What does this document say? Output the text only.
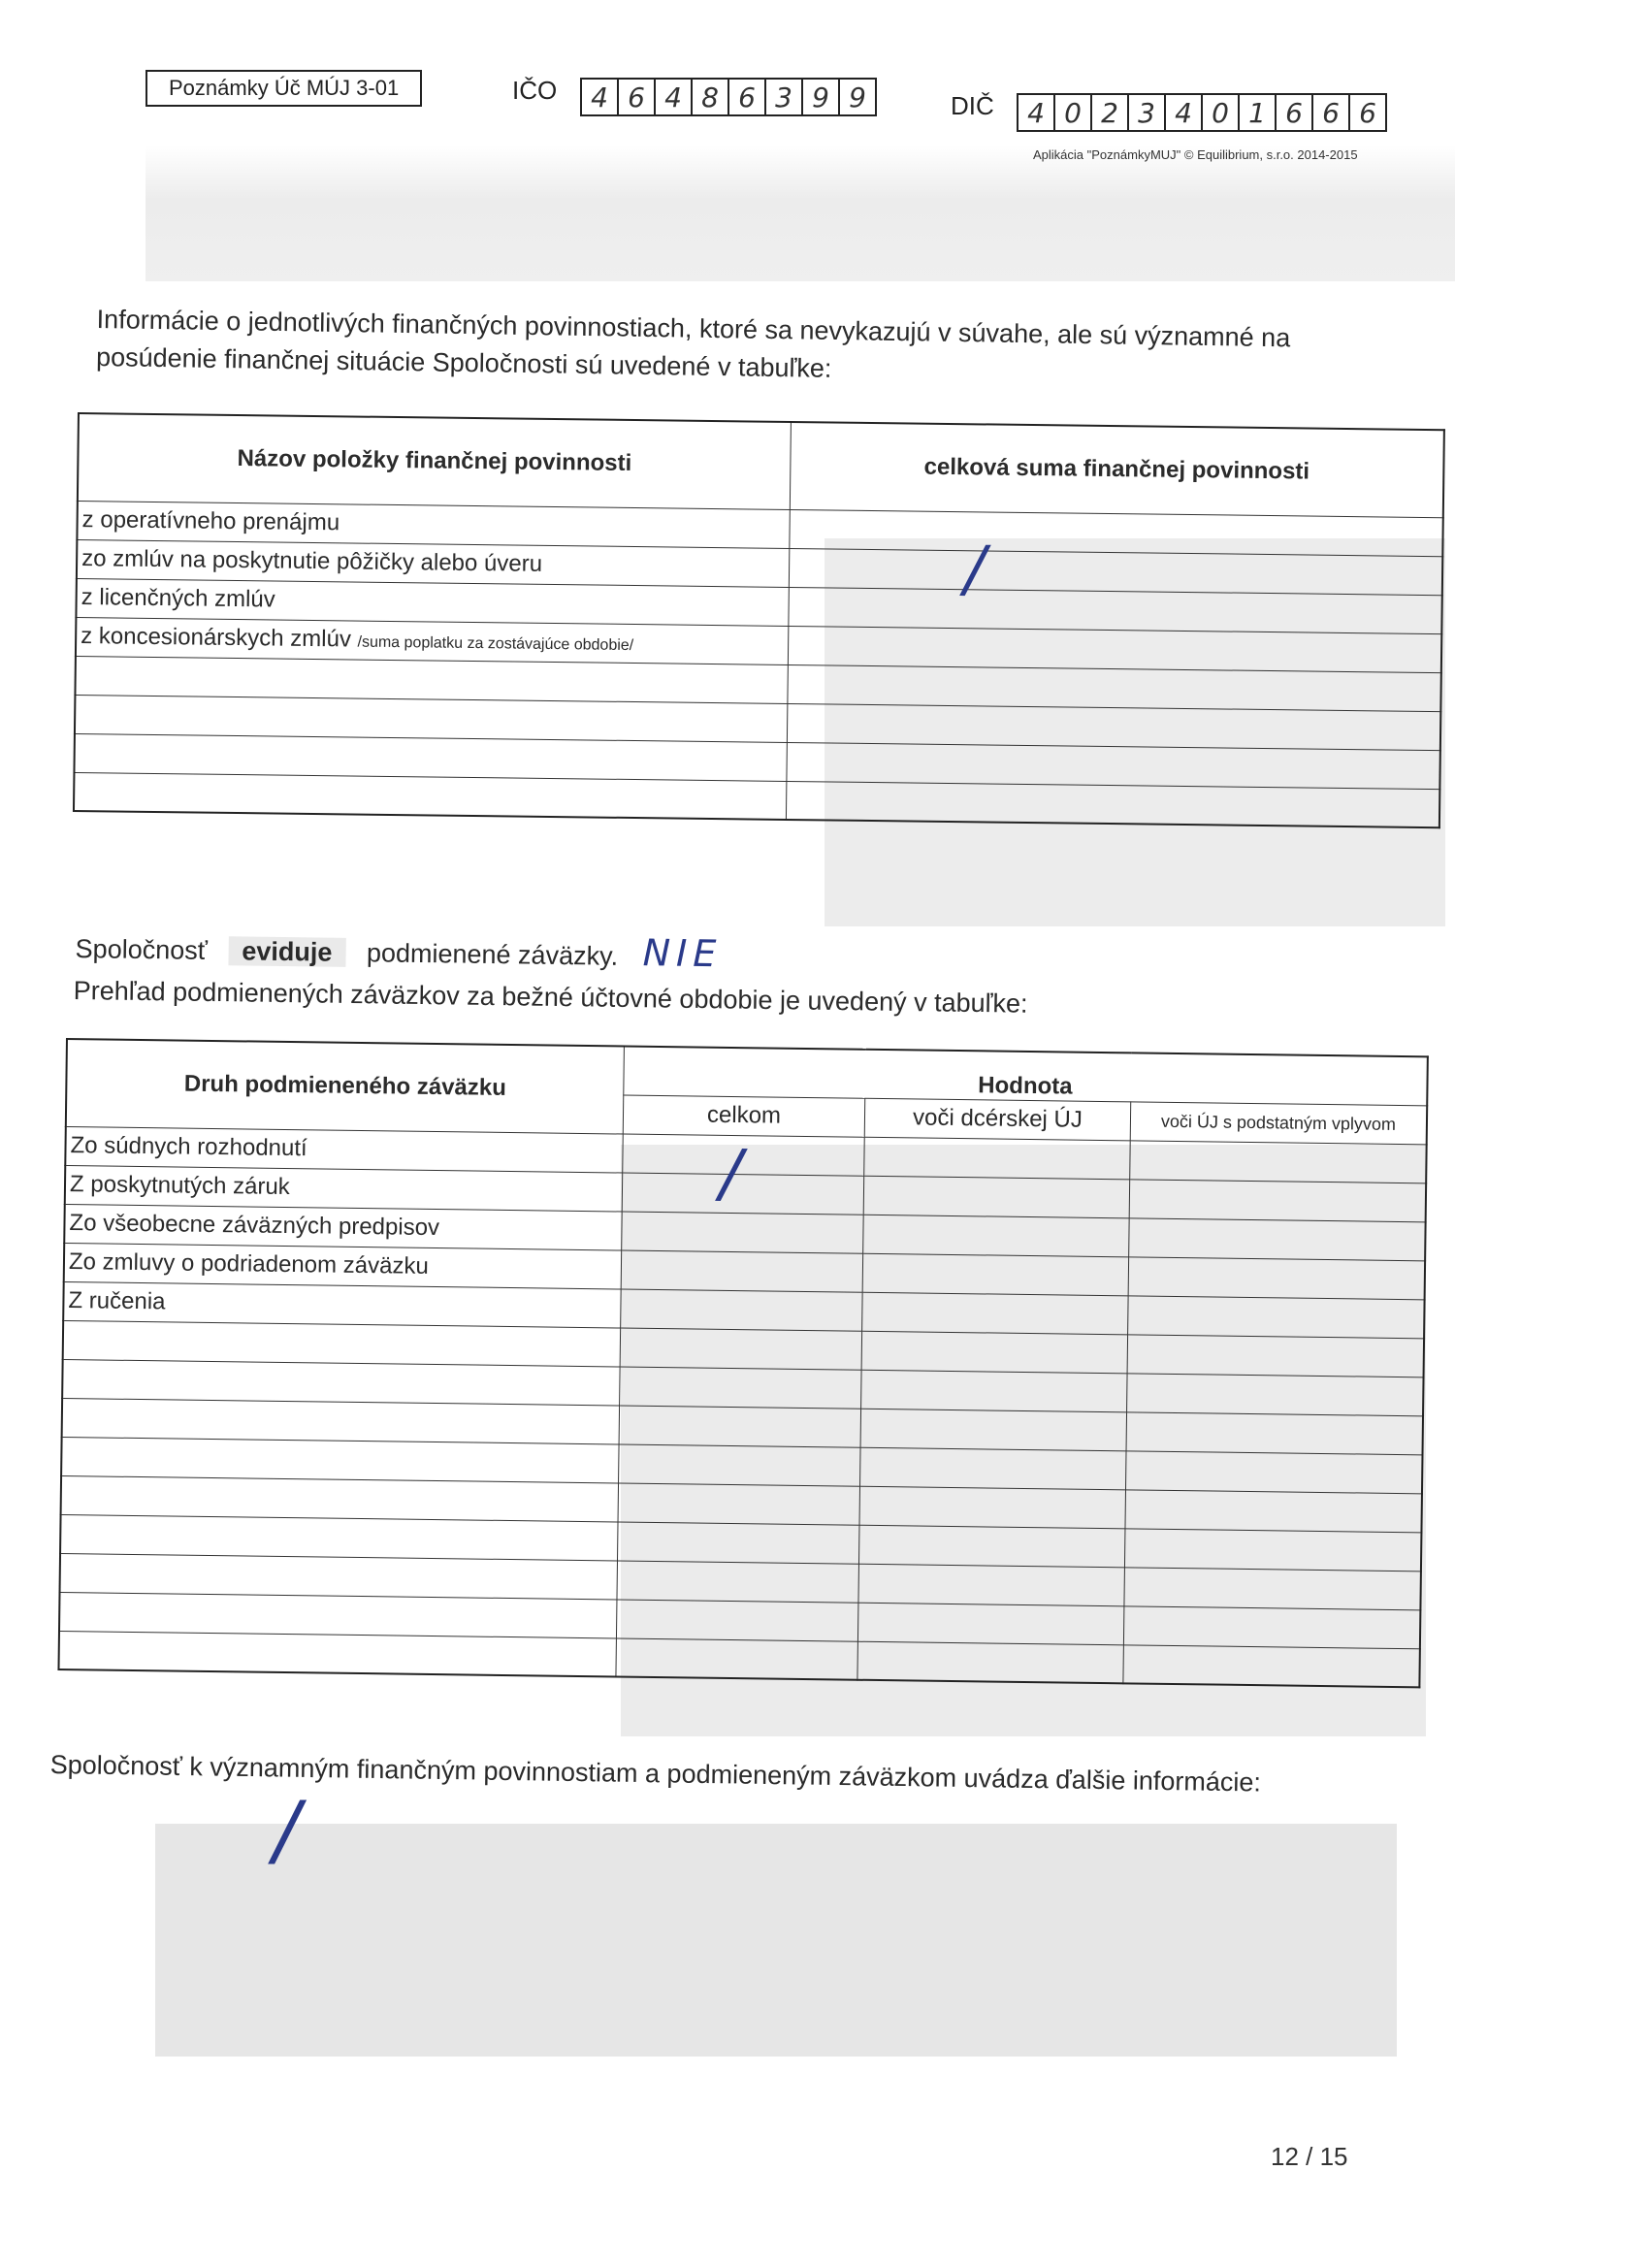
Poznámky Úč MÚJ 3-01	IČO	4 6 4 8 6 3 9 9	DIČ	4 0 2 3 4 0 1 6 6 6
Aplikácia "PoznámkyMUJ" © Equilibrium, s.r.o. 2014-2015
Informácie o jednotlivých finančných povinnostiach, ktoré sa nevykazujú v súvahe, ale sú významné na
posúdenie finančnej situácie Spoločnosti sú uvedené v tabuľke:
Názov položky finančnej povinnosti	celková suma finančnej povinnosti
z operatívneho prenájmu	
zo zmlúv na poskytnutie pôžičky alebo úveru	/

z licenčných zmlúv	
z koncesionárskych zmlúv /suma poplatku za zostávajúce obdobie/	

Spoločnosť eviduje podmienené záväzky. NIE
Prehľad podmienených záväzkov za bežné účtovné obdobie je uvedený v tabuľke:
Druh podmieneného záväzku	Hodnota		
	celkom	voči dcérskej ÚJ	voči ÚJ s podstatným vplyvom
Zo súdnych rozhodnutí	/		

Z poskytnutých záruk			
Zo všeobecne záväzných predpisov			
Zo zmluvy o podriadenom záväzku			
Z ručenia			

Spoločnosť k významným finančným povinnostiam a podmieneným záväzkom uvádza ďalšie informácie:
/
12 / 15
